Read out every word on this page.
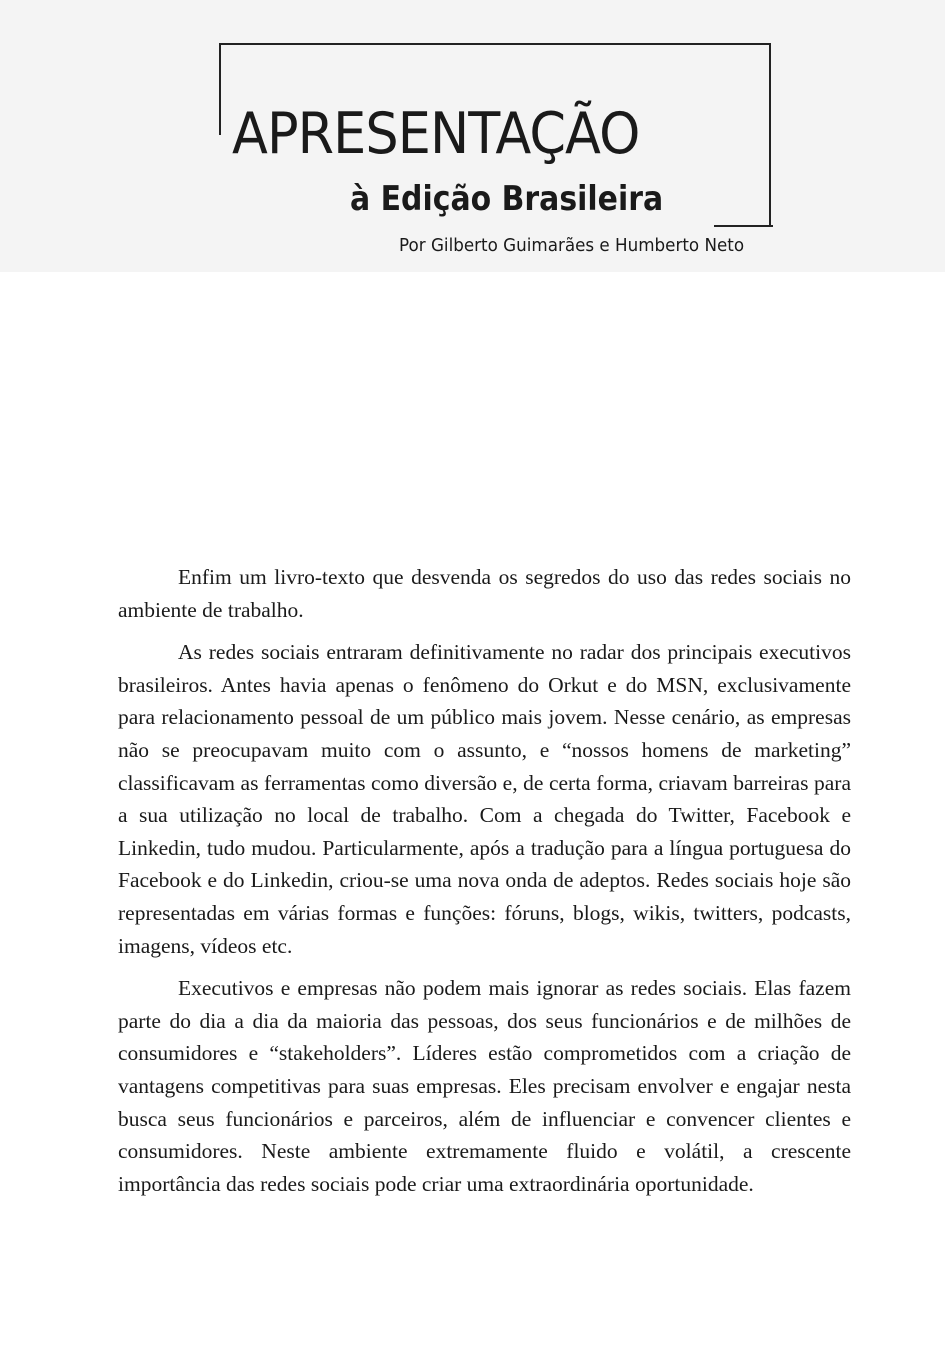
APRESENTAÇÃO
à Edição Brasileira

Por Gilberto Guimarães e Humberto Neto

Enfim um livro-texto que desvenda os segredos do uso das redes sociais no ambiente de trabalho.

As redes sociais entraram definitivamente no radar dos principais executivos brasileiros. Antes havia apenas o fenômeno do Orkut e do MSN, exclusivamente para relacionamento pessoal de um público mais jovem. Nesse cenário, as empresas não se preocupavam muito com o assunto, e “nossos homens de marketing” classificavam as ferramentas como diversão e, de certa forma, criavam barreiras para a sua utilização no local de trabalho. Com a chegada do Twitter, Facebook e Linkedin, tudo mudou. Particularmente, após a tradução para a língua portuguesa do Facebook e do Linkedin, criou-se uma nova onda de adeptos. Redes sociais hoje são representadas em várias formas e funções: fóruns, blogs, wikis, twitters, podcasts, imagens, vídeos etc.

Executivos e empresas não podem mais ignorar as redes sociais. Elas fazem parte do dia a dia da maioria das pessoas, dos seus funcionários e de milhões de consumidores e “stakeholders”. Líderes estão comprometidos com a criação de vantagens competitivas para suas empresas. Eles precisam envolver e engajar nesta busca seus funcionários e parceiros, além de influenciar e convencer clientes e consumidores. Neste ambiente extremamente fluido e volátil, a crescente importância das redes sociais pode criar uma extraordinária oportunidade.
